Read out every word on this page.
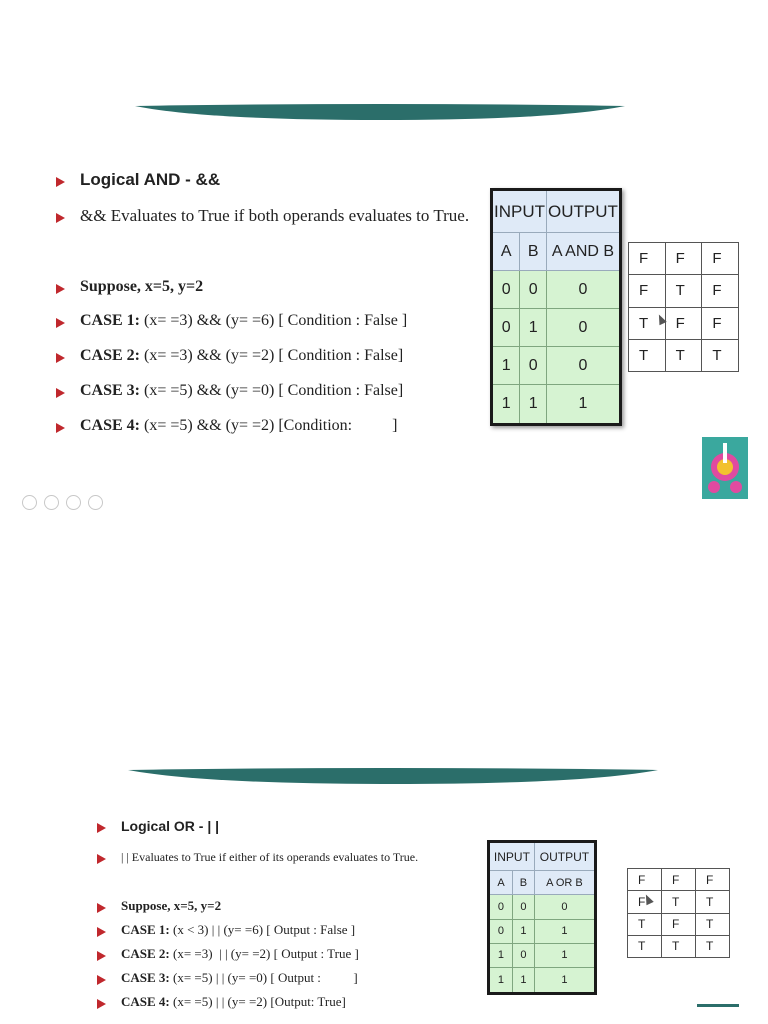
Logical AND - &&
&& Evaluates to True if both operands evaluates to True.
Suppose, x=5, y=2
CASE 1: (x= =3) && (y= =6) [ Condition : False ]
CASE 2: (x= =3) && (y= =2) [ Condition : False]
CASE 3: (x= =5) && (y= =0) [ Condition : False]
CASE 4: (x= =5) && (y= =2) [Condition:          ]
INPUT		OUTPUT
A	B	A AND B
0	0	0
0	1	0
1	0	0
1	1	1
F	F	F
F	T	F
T	F	F
T	T	T
Logical OR - | |
| | Evaluates to True if either of its operands evaluates to True.
Suppose, x=5, y=2
CASE 1: (x < 3) | | (y= =6) [ Output : False ]
CASE 2: (x= =3)  | | (y= =2) [ Output : True ]
CASE 3: (x= =5) | | (y= =0) [ Output :          ]
CASE 4: (x= =5) | | (y= =2) [Output: True]
INPUT		OUTPUT
A	B	A OR B
0	0	0
0	1	1
1	0	1
1	1	1
F	F	F
F	T	T
T	F	T
T	T	T
